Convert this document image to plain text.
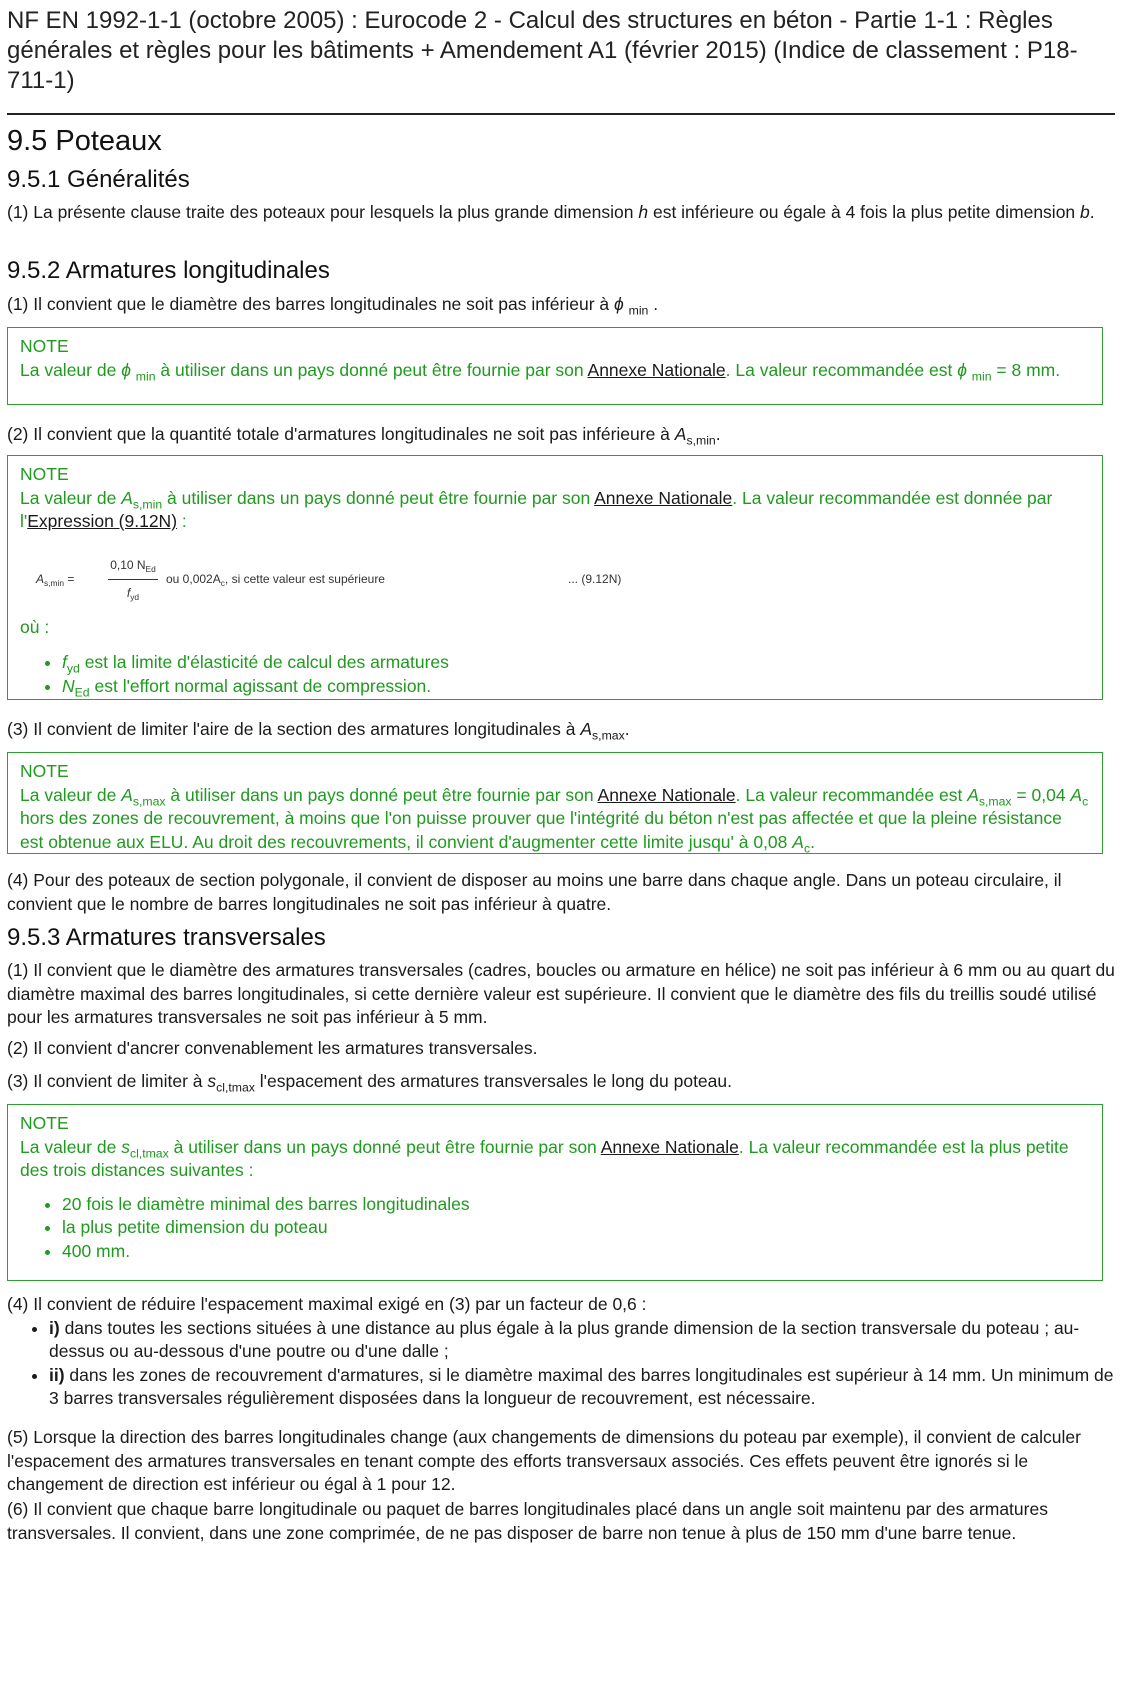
NF EN 1992-1-1 (octobre 2005) : Eurocode 2 - Calcul des structures en béton - Partie 1-1 : Règles générales et règles pour les bâtiments + Amendement A1 (février 2015) (Indice de classement : P18-711-1)
9.5 Poteaux
9.5.1 Généralités
(1) La présente clause traite des poteaux pour lesquels la plus grande dimension h est inférieure ou égale à 4 fois la plus petite dimension b.
9.5.2 Armatures longitudinales
(1) Il convient que le diamètre des barres longitudinales ne soit pas inférieur à ϕ $_{min}$ .
NOTE
La valeur de ϕ $_{min}$ à utiliser dans un pays donné peut être fournie par son Annexe Nationale. La valeur recommandée est ϕ $_{min}$ = 8 mm.
(2) Il convient que la quantité totale d'armatures longitudinales ne soit pas inférieure à $A_{s,min}$.
NOTE
La valeur de $A_{s,min}$ à utiliser dans un pays donné peut être fournie par son Annexe Nationale. La valeur recommandée est donnée par l'Expression (9.12N) :
$A_{s,min}$ =
0,10 $N_{Ed}$
$f_{yd}$
ou $0,002A_c$, si cette valeur est supérieure	... (9.12N)
où :
• $f_{yd}$ est la limite d'élasticité de calcul des armatures
• $N_{Ed}$ est l'effort normal agissant de compression.
(3) Il convient de limiter l'aire de la section des armatures longitudinales à $A_{s,max}$.
NOTE
La valeur de $A_{s,max}$ à utiliser dans un pays donné peut être fournie par son Annexe Nationale. La valeur recommandée est $A_{s,max} = 0,04$ $A_c$ hors des zones de recouvrement, à moins que l'on puisse prouver que l'intégrité du béton n'est pas affectée et que la pleine résistance est obtenue aux ELU. Au droit des recouvrements, il convient d'augmenter cette limite jusqu' à 0,08 $A_c$.
(4) Pour des poteaux de section polygonale, il convient de disposer au moins une barre dans chaque angle. Dans un poteau circulaire, il convient que le nombre de barres longitudinales ne soit pas inférieur à quatre.
9.5.3 Armatures transversales
(1) Il convient que le diamètre des armatures transversales (cadres, boucles ou armature en hélice) ne soit pas inférieur à 6 mm ou au quart du diamètre maximal des barres longitudinales, si cette dernière valeur est supérieure. Il convient que le diamètre des fils du treillis soudé utilisé pour les armatures transversales ne soit pas inférieur à 5 mm.
(2) Il convient d'ancrer convenablement les armatures transversales.
(3) Il convient de limiter à $s_{cl,tmax}$ l'espacement des armatures transversales le long du poteau.
NOTE
La valeur de $s_{cl,tmax}$ à utiliser dans un pays donné peut être fournie par son Annexe Nationale. La valeur recommandée est la plus petite des trois distances suivantes :
• 20 fois le diamètre minimal des barres longitudinales
• la plus petite dimension du poteau
• 400 mm.
(4) Il convient de réduire l'espacement maximal exigé en (3) par un facteur de 0,6 :
• i) dans toutes les sections situées à une distance au plus égale à la plus grande dimension de la section transversale du poteau ; au-dessus ou au-dessous d'une poutre ou d'une dalle ;
• ii) dans les zones de recouvrement d'armatures, si le diamètre maximal des barres longitudinales est supérieur à 14 mm. Un minimum de 3 barres transversales régulièrement disposées dans la longueur de recouvrement, est nécessaire.
(5) Lorsque la direction des barres longitudinales change (aux changements de dimensions du poteau par exemple), il convient de calculer l'espacement des armatures transversales en tenant compte des efforts transversaux associés. Ces effets peuvent être ignorés si le changement de direction est inférieur ou égal à 1 pour 12.
(6) Il convient que chaque barre longitudinale ou paquet de barres longitudinales placé dans un angle soit maintenu par des armatures transversales. Il convient, dans une zone comprimée, de ne pas disposer de barre non tenue à plus de 150 mm d'une barre tenue.
